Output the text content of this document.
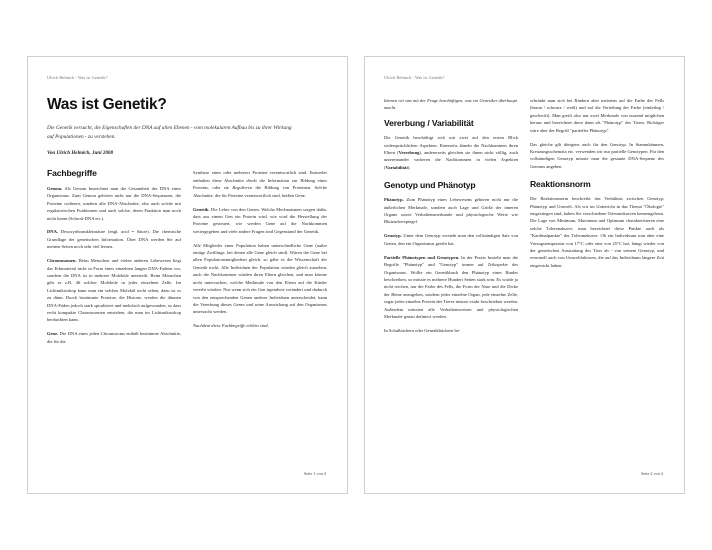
Ulrich Helmich - Was ist Genetik?
Was ist Genetik?

Die Genetik versucht, die Eigenschaften der DNA auf allen Ebenen - vom molekularen Aufbau bis zu ihrer Wirkung auf Populationen - zu verstehen.

Von Ulrich Helmich, Juni 2008

Fachbegriffe

Genom. Als Genom bezeichnet man die Gesamtheit der DNA eines Organismus. Zum Genom gehören nicht nur die DNA-Sequenzen, die Proteine codieren, sondern alle DNA-Abschnitte, also auch solche mit regulatorischen Funktionen und auch solche, deren Funktion man noch nicht kennt (Schrott-DNA etc.).

DNA. Desoxyribonukleinsäure (engl. acid = Säure). Die chemische Grundlage der genetischen Information. Über DNA werden Sie auf meinen Seiten noch sehr viel lernen.

Chromosomen. Beim Menschen und vielen anderen Lebewesen liegt das Erbmaterial nicht in Form eines einzelnen langen DNA-Fadens vor, sondern die DNA ist in mehrere Moleküle unterteilt. Beim Menschen gibt es z.B. 46 solcher Moleküle in jeder einzelnen Zelle. Im Lichtmikroskop kann man ein solches Molekül nicht sehen, dazu ist es zu dünn. Durch bestimmte Proteine, die Histone, werden die dünnen DNA-Fäden jedoch stark spiralisiert und mehrfach aufgewunden, so dass recht kompakte Chromosomen entstehen, die man im Lichtmikroskop beobachten kann.

Gene. Die DNA eines jeden Chromosoms enthält bestimmte Abschnitte, die für die

Synthese eines oder mehrerer Proteine verantwortlich sind. Entweder enthalten diese Abschnitte direkt die Information zur Bildung eines Proteins, oder sie Regulieren die Bildung von Proteinen. Solche Abschnitte, die für Proteine verantwortlich sind, heißen Gene.

Genetik. Die Lehre von den Genen. Welche Mechanismen sorgen dafür, dass aus einem Gen ein Protein wird, wie wird die Herstellung der Proteine gesteuert, wie werden Gene auf die Nachkommen weitergegeben und viele andere Fragen sind Gegenstand der Genetik.

Alle Mitglieder einer Population haben unterschiedliche Gene (außer einiige Zwillinge, bei denen alle Gene gleich sind). Wären die Gene bei allen Populationsmitgliedern gleich, so gäbe es die Wissenschaft der Genetik nicht. Alle Individuen der Population würden gleich aussehen, auch die Nachkommen würden ihren Eltern gleichen, und man könnte nicht untersuchen, welche Merkmale von den Eltern auf die Kinder vererbt würden. Nur wenn sich ein Gen irgendwie verändert und dadurch von den entsprechenden Genen anderer Individuen unterscheidet, kann die Vererbung dieses Genes und seine Auswirkung auf den Organismus untersucht werden.

Nachdem diese Fachbegriffe erklärt sind,

Seite 1 von 4
Ulrich Helmich - Was ist Genetik?

können wir uns mit der Frage beschäftigen, was ein Genetiker überhaupt macht.

Vererbung / Variabilität

Die Genetik beschäftigt sich mit zwei auf den ersten Blick widersprüchlichen Aspekten. Einerseits ähneln die Nachkommen ihren Eltern (Vererbung), andererseits gleichen sie ihnen nicht völlig, auch untereinander variieren die Nachkommen in vielen Aspekten (Variabilität).

Genotyp und Phänotyp

Phänotyp. Zum Phänotyp eines Lebewesens gehören nicht nur die äußerlichen Merkmale, sondern auch Lage und Größe der inneren Organe sowie Verhaltensmerkmale und physiologische Werte wie Blutzuckerspiegel.

Genotyp. Unter dem Genotyp versteht man den vollständigen Satz von Genen, den ein Organismus geerbt hat.

Partielle Phänotypen und Genotypen. In der Praxis bezieht man die Begriffe "Phänotyp" und "Genotyp" immer auf Teilaspekte des Organismus. Wollte ein Genetikbuch den Phänotyp eines Rindes beschreiben, so müsste es mehrere Hundert Seiten stark sein. Es würde ja nicht reichen, nur die Farbe des Fells, die Form der Nase und die Dicke der Beine anzugeben, sondern jedes einzelne Organ, jede einzelne Zelle, sogar jedes einzelne Protein des Tieres müsste exakt beschrieben werden. Außerdem müssten alle Verhaltensweisen und physiologischen Merkmale genau definiert werden.

In Schulbüchern oder Genetikbüchern be-

schränkt man sich bei Rindern aber meistens auf die Farbe des Fells (braun / schwarz / weiß) und auf die Verteilung der Farbe (einfarbig / gescheckt). Man greift also nur zwei Merkmale von tausend möglichen heraus und bezeichnet diese dann als "Phänotyp" des Tieres. Richtiger wäre aber der Begriff "partieller Phänotyp".

Das gleiche gilt übrigens auch für den Genotyp. In Stammbäumen, Kreuzungsschemata etc. verwenden wir nur partielle Genotypen. Für den vollständigen Genotyp müsste man die gesamte DNA-Sequenz des Genoms angeben.

Reaktionsnorm

Die Reaktionsnorm beschreibt das Verhältnis zwischen Genotyp, Phänotyp und Umwelt. Als wir im Unterricht in das Thema "Ökologie" eingestiegen sind, haben Sie verschiedene Toleranzkurven kennengelernt. Die Lage von Minimum, Maximum und Optimum charakterisieren eine solche Toleranzkurve, man bezeichnet diese Punkte auch als "Kardinalpunkte" der Toleranzkurve. Ob ein Individuum nun aber eine Vorzugstemperatur von 17°C oder eine von 25°C hat, hängt wieder von der genetischen Ausstattung des Tiers ab - von seinem Genotyp, und eventuell auch von Umweltfaktoren, die auf das Individuum längere Zeit eingewirkt haben.

Seite 2 von 4
